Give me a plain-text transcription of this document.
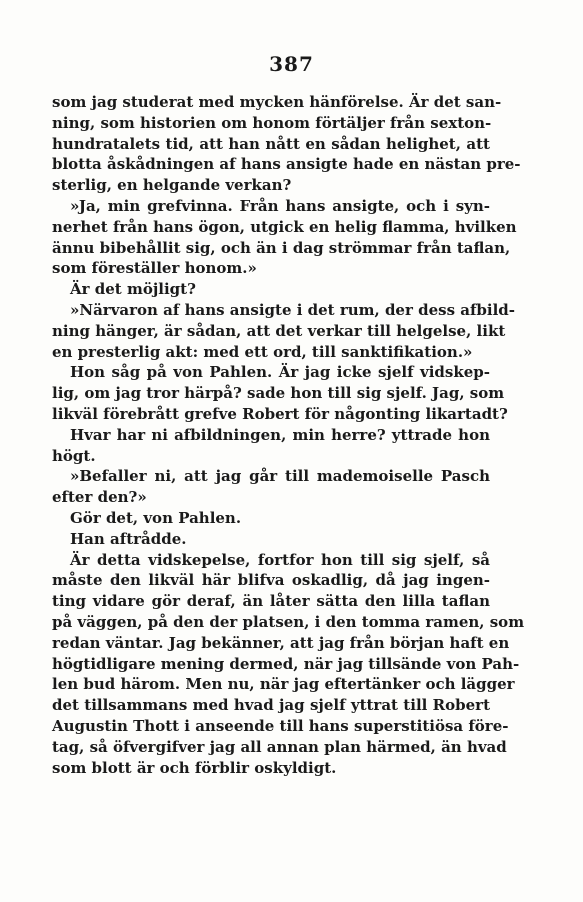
387
som jag studerat med mycken hänförelse. Är det san-
ning, som historien om honom förtäljer från sexton-
hundratalets tid, att han nått en sådan helighet, att
blotta åskådningen af hans ansigte hade en nästan pre-
sterlig, en helgande verkan?
»Ja, min grefvinna. Från hans ansigte, och i syn-
nerhet från hans ögon, utgick en helig flamma, hvilken
ännu bibehållit sig, och än i dag strömmar från taflan,
som föreställer honom.»
Är det möjligt?
»Närvaron af hans ansigte i det rum, der dess afbild-
ning hänger, är sådan, att det verkar till helgelse, likt
en presterlig akt: med ett ord, till sanktifikation.»
Hon såg på von Pahlen. Är jag icke sjelf vidskep-
lig, om jag tror härpå? sade hon till sig sjelf. Jag, som
likväl förebrått grefve Robert för någonting likartadt?
Hvar har ni afbildningen, min herre? yttrade hon
högt.
»Befaller ni, att jag går till mademoiselle Pasch
efter den?»
Gör det, von Pahlen.
Han aftrådde.
Är detta vidskepelse, fortfor hon till sig sjelf, så
måste den likväl här blifva oskadlig, då jag ingen-
ting vidare gör deraf, än låter sätta den lilla taflan
på väggen, på den der platsen, i den tomma ramen, som
redan väntar. Jag bekänner, att jag från början haft en
högtidligare mening dermed, när jag tillsände von Pah-
len bud härom. Men nu, när jag eftertänker och lägger
det tillsammans med hvad jag sjelf yttrat till Robert
Augustin Thott i anseende till hans superstitiösa före-
tag, så öfvergifver jag all annan plan härmed, än hvad
som blott är och förblir oskyldigt.
